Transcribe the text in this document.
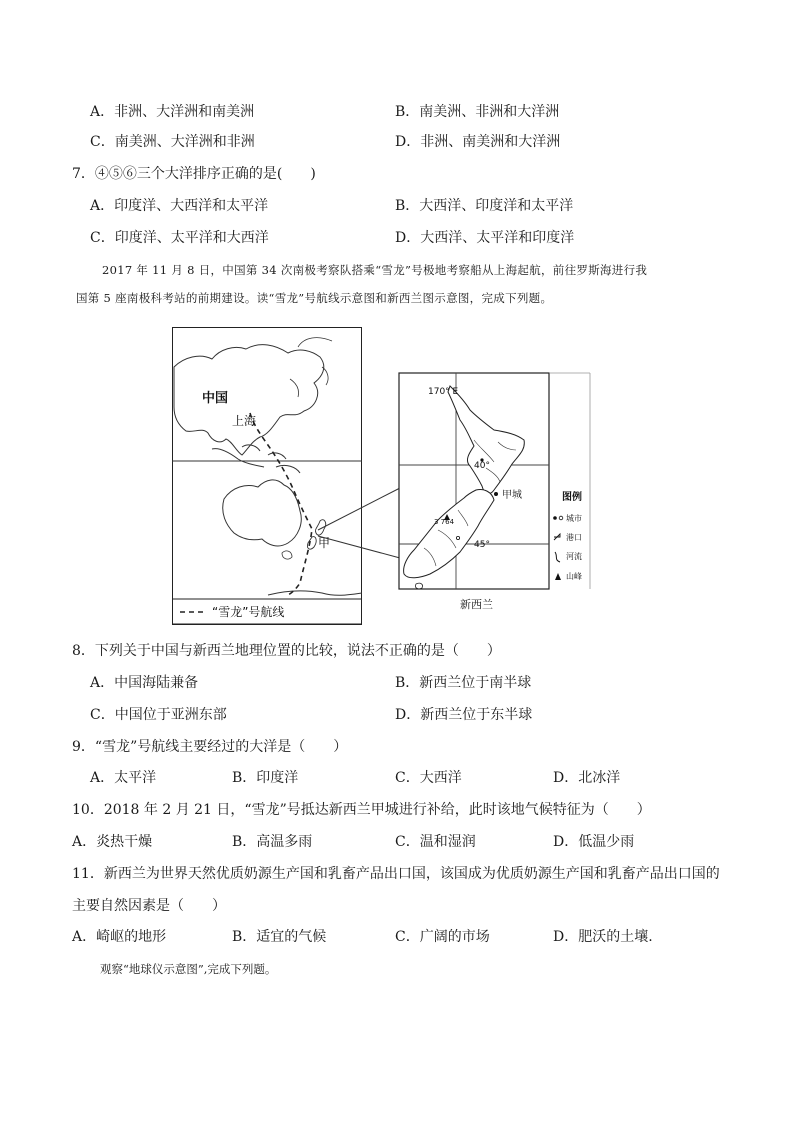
A．非洲、大洋洲和南美洲	B．南美洲、非洲和大洋洲
C．南美洲、大洋洲和非洲	D．非洲、南美洲和大洋洲
7．④⑤⑥三个大洋排序正确的是(　　)
A．印度洋、大西洋和太平洋	B．大西洋、印度洋和太平洋
C．印度洋、太平洋和大西洋	D．大西洋、太平洋和印度洋

2017 年 11 月 8 日，中国第 34 次南极考察队搭乘“雪龙”号极地考察船从上海起航，前往罗斯海进行我

国第 5 座南极科考站的前期建设。读“雪龙”号航线示意图和新西兰图示意图，完成下列题。

中国
上海
甲
“雪龙”号航线
170° E
40°
45°
甲城
3 764
图例
城市
港口
河流
山峰
新西兰
8．下列关于中国与新西兰地理位置的比较，说法不正确的是（　　）
A．中国海陆兼备	B．新西兰位于南半球
C．中国位于亚洲东部	D．新西兰位于东半球
9．“雪龙”号航线主要经过的大洋是（　　）
A．太平洋	B．印度洋	C．大西洋	D．北冰洋
10．2018 年 2 月 21 日，“雪龙”号抵达新西兰甲城进行补给，此时该地气候特征为（　　）
A．炎热干燥	B．高温多雨	C．温和湿润	D．低温少雨
11．新西兰为世界天然优质奶源生产国和乳畜产品出口国，该国成为优质奶源生产国和乳畜产品出口国的
主要自然因素是（　　）
A．崎岖的地形	B．适宜的气候	C．广阔的市场	D．肥沃的土壤.
观察“地球仪示意图”,完成下列题。
